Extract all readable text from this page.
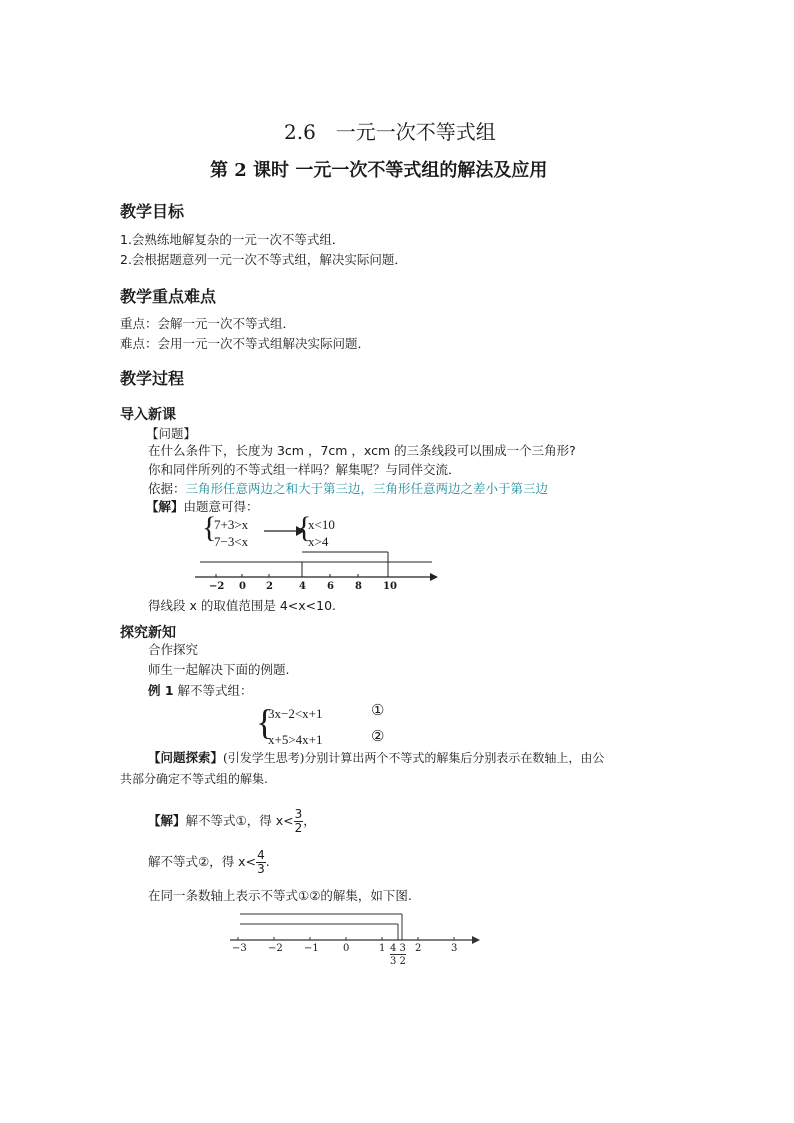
2.6　一元一次不等式组
第 2 课时 一元一次不等式组的解法及应用
教学目标
1.会熟练地解复杂的一元一次不等式组．
2.会根据题意列一元一次不等式组，解决实际问题．
教学重点难点
重点：会解一元一次不等式组．
难点：会用一元一次不等式组解决实际问题．
教学过程
导入新课
【问题】
在什么条件下，长度为 3cm ，7cm ，xcm 的三条线段可以围成一个三角形?
你和同伴所列的不等式组一样吗？解集呢？与同伴交流．
依据：三角形任意两边之和大于第三边，三角形任意两边之差小于第三边
【解】由题意可得：
{
7+3>x
7−3<x {
x<10
x>4
−2 0 2	4 6 8 10
得线段 x 的取值范围是 4<x<10.
探究新知
合作探究
师生一起解决下面的例题.
例 1 解不等式组：
{
3x−2<x+1
x+5>4x+1
①
②
【问题探索】(引发学生思考)分别计算出两个不等式的解集后分别表示在数轴上，由公
共部分确定不等式组的解集.
【解】解不等式①，得 $x< \frac{3}{2}$ ，
解不等式②，得 $x< \frac{4}{3}$ .
在同一条数轴上表示不等式①②的解集，如下图.
−3 −2 −1 0	1	2	3
4 3
3 2
